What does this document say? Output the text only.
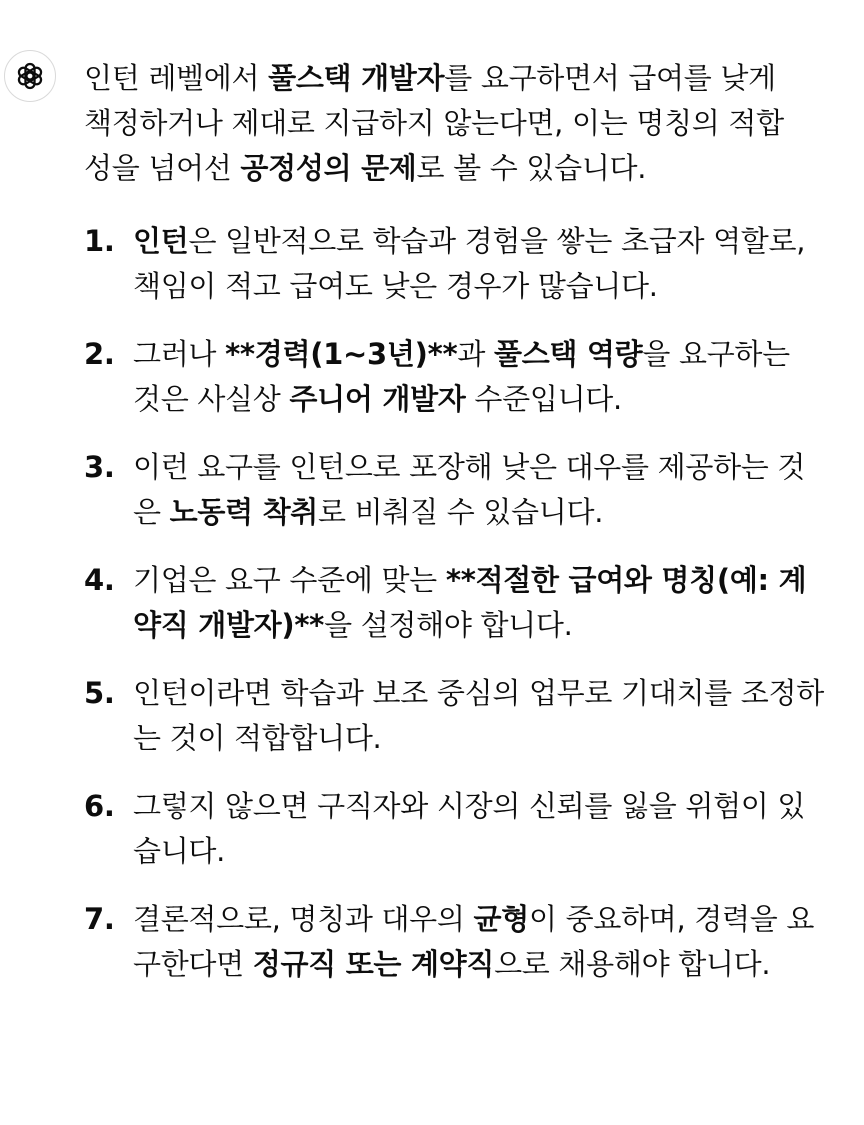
인턴 레벨에서 풀스택 개발자를 요구하면서 급여를 낮게 책정하거나 제대로 지급하지 않는다면, 이는 명칭의 적합성을 넘어선 공정성의 문제로 볼 수 있습니다.

1. 인턴은 일반적으로 학습과 경험을 쌓는 초급자 역할로, 책임이 적고 급여도 낮은 경우가 많습니다.
2. 그러나 **경력(1~3년)**과 풀스택 역량을 요구하는 것은 사실상 주니어 개발자 수준입니다.
3. 이런 요구를 인턴으로 포장해 낮은 대우를 제공하는 것은 노동력 착취로 비춰질 수 있습니다.
4. 기업은 요구 수준에 맞는 **적절한 급여와 명칭(예: 계약직 개발자)**을 설정해야 합니다.
5. 인턴이라면 학습과 보조 중심의 업무로 기대치를 조정하는 것이 적합합니다.
6. 그렇지 않으면 구직자와 시장의 신뢰를 잃을 위험이 있습니다.
7. 결론적으로, 명칭과 대우의 균형이 중요하며, 경력을 요구한다면 정규직 또는 계약직으로 채용해야 합니다.
